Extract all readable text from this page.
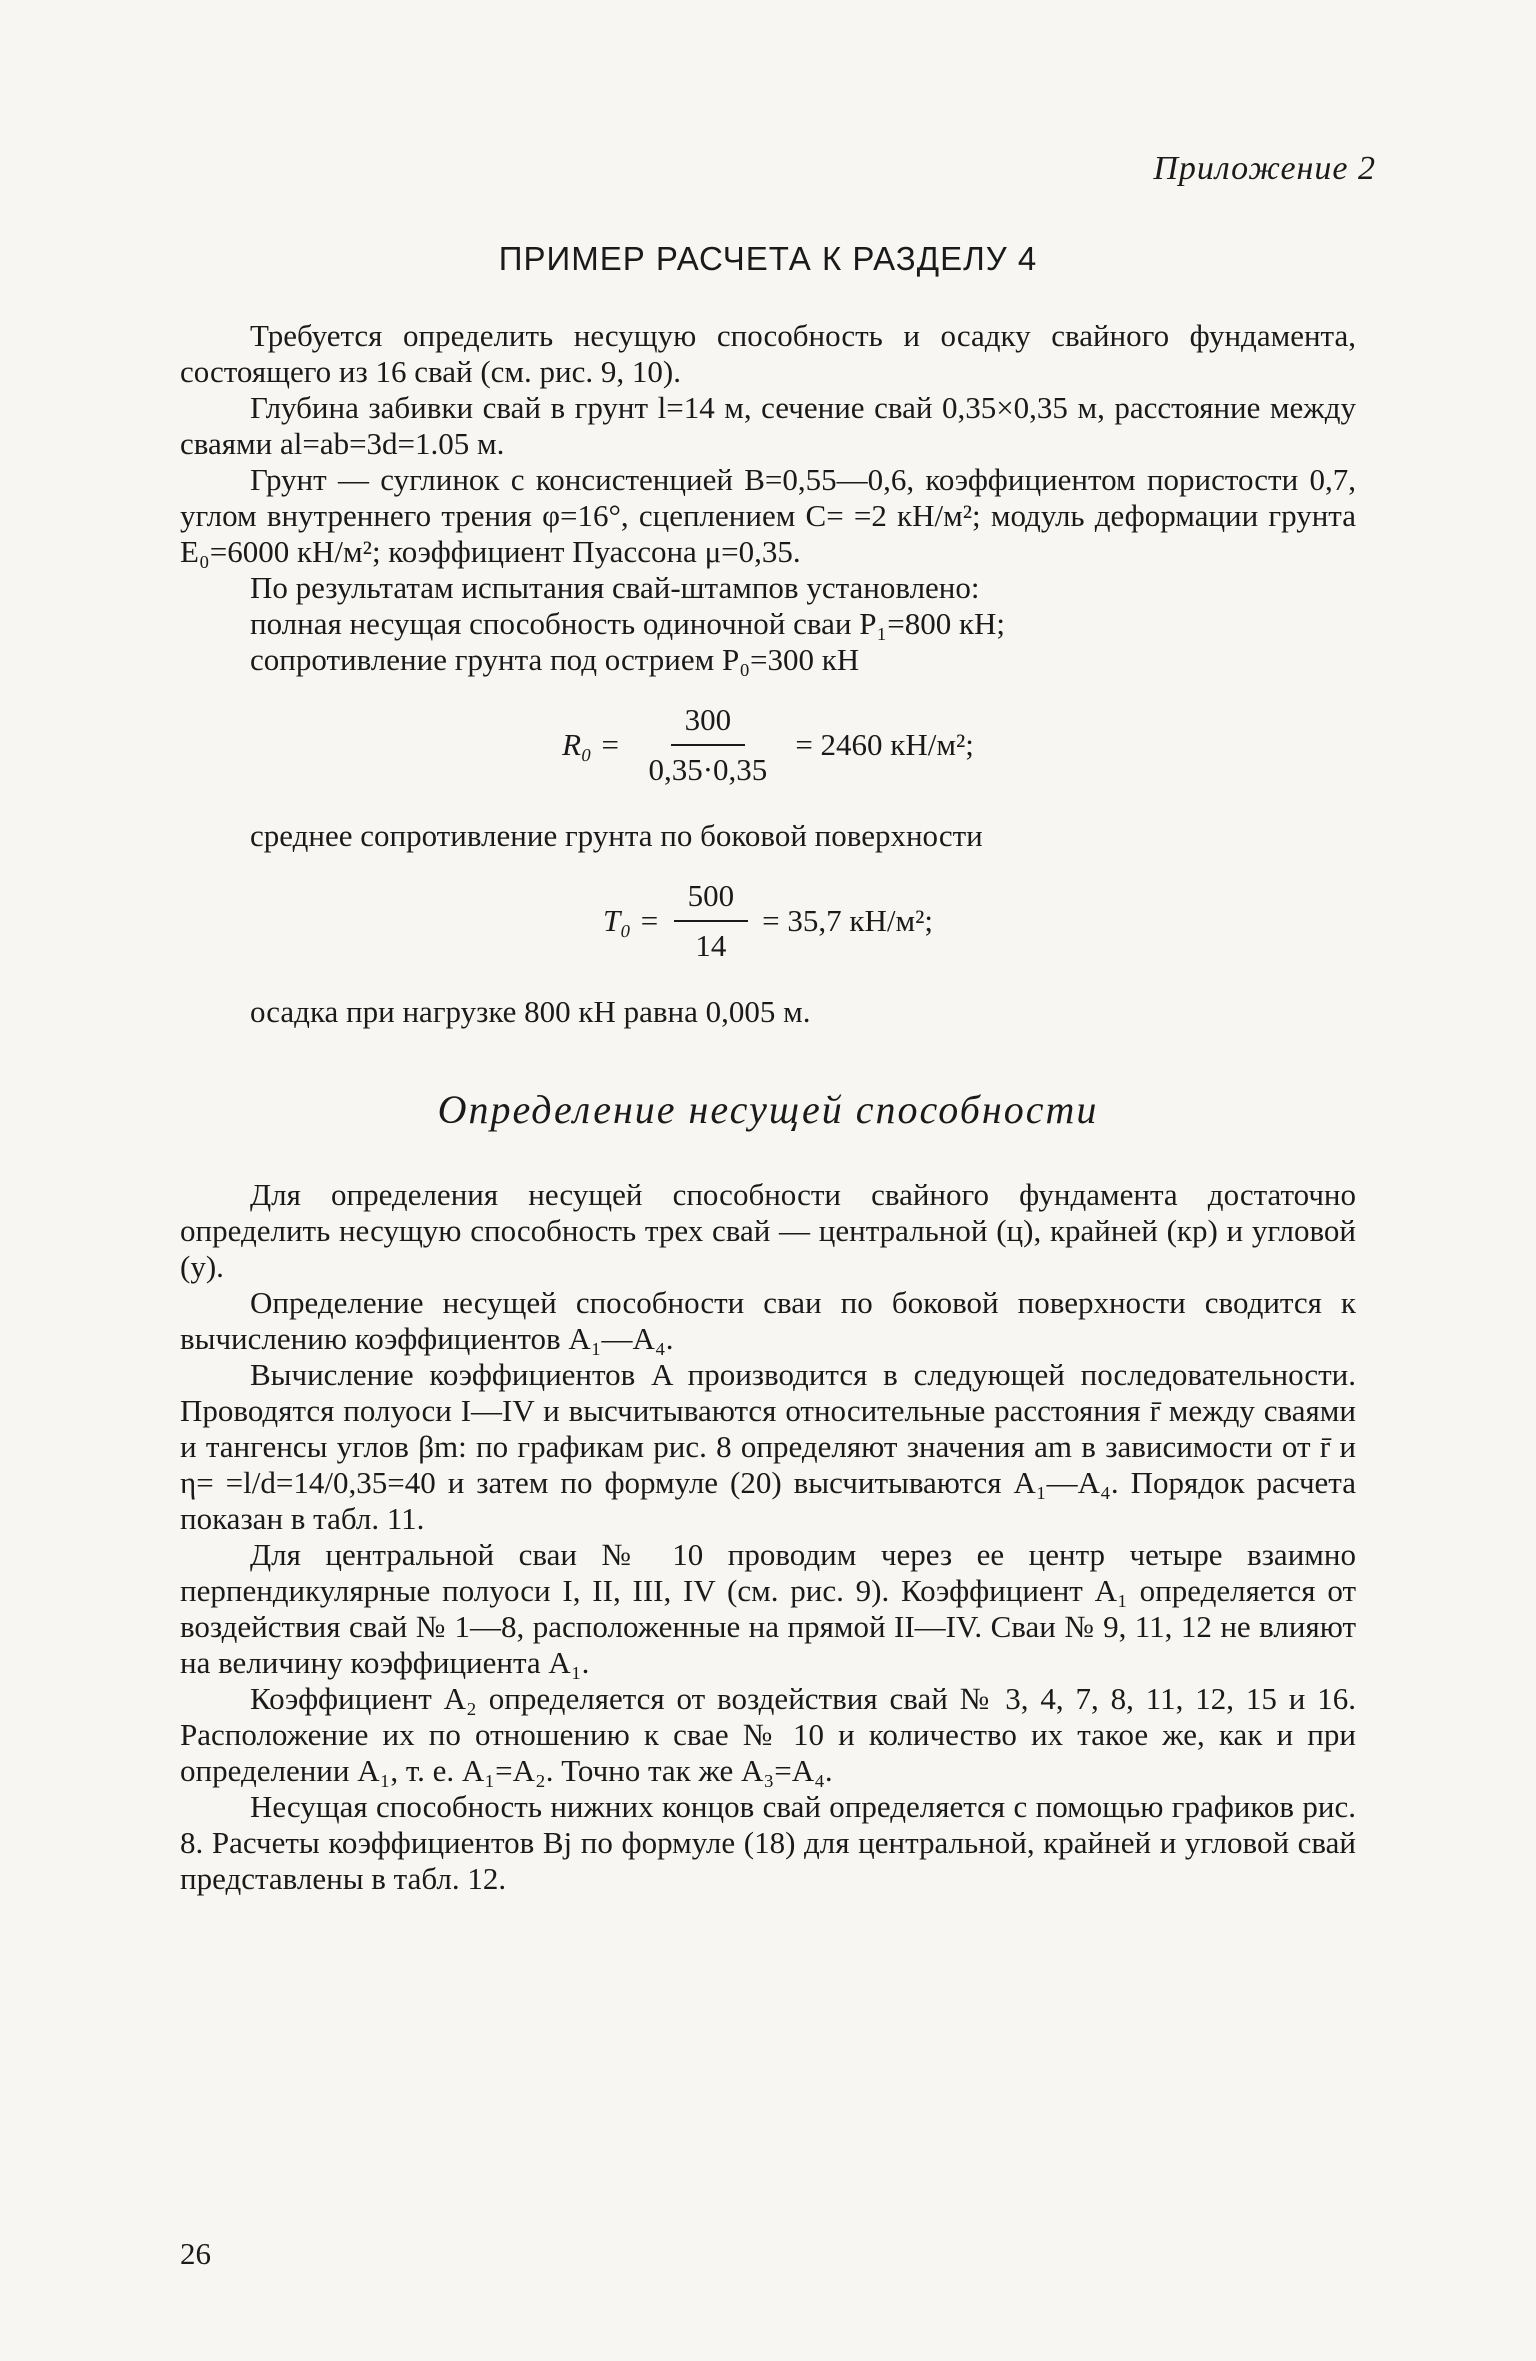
Приложение 2
ПРИМЕР РАСЧЕТА К РАЗДЕЛУ 4

Требуется определить несущую способность и осадку свайного фундамента, состоящего из 16 свай (см. рис. 9, 10).

Глубина забивки свай в грунт l=14 м, сечение свай 0,35×0,35 м, расстояние между сваями al=ab=3d=1.05 м.

Грунт — суглинок с консистенцией B=0,55—0,6, коэффициентом пористости 0,7, углом внутреннего трения φ=16°, сцеплением C= =2 кН/м²; модуль деформации грунта E₀=6000 кН/м²; коэффициент Пуассона μ=0,35.

По результатам испытания свай-штампов установлено:

полная несущая способность одиночной сваи P₁=800 кН;

сопротивление грунта под острием P₀=300 кН

$R_0 = \frac{300}{0,35\cdot 0,35} = 2460$ кН/м²;

среднее сопротивление грунта по боковой поверхности

$T_0 = \frac{500}{14} = 35,7$ кН/м²;

осадка при нагрузке 800 кН равна 0,005 м.

Определение несущей способности

Для определения несущей способности свайного фундамента достаточно определить несущую способность трех свай — центральной (ц), крайней (кр) и угловой (у).

Определение несущей способности сваи по боковой поверхности сводится к вычислению коэффициентов A₁—A₄.

Вычисление коэффициентов A производится в следующей последовательности. Проводятся полуоси I—IV и высчитываются относительные расстояния r̄ между сваями и тангенсы углов βm: по графикам рис. 8 определяют значения am в зависимости от r̄ и η= =l/d=14/0,35=40 и затем по формуле (20) высчитываются A₁—A₄. Порядок расчета показан в табл. 11.

Для центральной сваи № 10 проводим через ее центр четыре взаимно перпендикулярные полуоси I, II, III, IV (см. рис. 9). Коэффициент A₁ определяется от воздействия свай № 1—8, расположенные на прямой II—IV. Сваи № 9, 11, 12 не влияют на величину коэффициента A₁.

Коэффициент A₂ определяется от воздействия свай № 3, 4, 7, 8, 11, 12, 15 и 16. Расположение их по отношению к свае № 10 и количество их такое же, как и при определении A₁, т. е. A₁=A₂. Точно так же A₃=A₄.

Несущая способность нижних концов свай определяется с помощью графиков рис. 8. Расчеты коэффициентов Bj по формуле (18) для центральной, крайней и угловой свай представлены в табл. 12.

26
